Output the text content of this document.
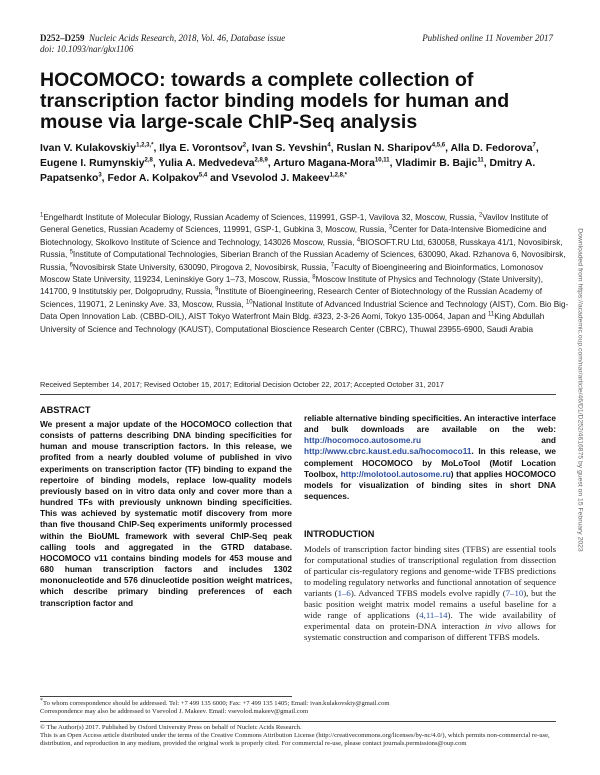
D252–D259 Nucleic Acids Research, 2018, Vol. 46, Database issue
doi: 10.1093/nar/gkx1106
Published online 11 November 2017
HOCOMOCO: towards a complete collection of transcription factor binding models for human and mouse via large-scale ChIP-Seq analysis
Ivan V. Kulakovskiy$^{1,2,3,*}$, Ilya E. Vorontsov$^2$, Ivan S. Yevshin$^4$, Ruslan N. Sharipov$^{4,5,6}$, Alla D. Fedorova$^7$, Eugene I. Rumynskiy$^{2,8}$, Yulia A. Medvedeva$^{2,8,9}$, Arturo Magana-Mora$^{10,11}$, Vladimir B. Bajic$^{11}$, Dmitry A. Papatsenko$^3$, Fedor A. Kolpakov$^{5,4}$ and Vsevolod J. Makeev$^{1,2,8,*}$
$^1$Engelhardt Institute of Molecular Biology, Russian Academy of Sciences, 119991, GSP-1, Vavilova 32, Moscow, Russia, $^2$Vavilov Institute of General Genetics, Russian Academy of Sciences, 119991, GSP-1, Gubkina 3, Moscow, Russia, $^3$Center for Data-Intensive Biomedicine and Biotechnology, Skolkovo Institute of Science and Technology, 143026 Moscow, Russia, $^4$BIOSOFT.RU Ltd, 630058, Russkaya 41/1, Novosibirsk, Russia, $^5$Institute of Computational Technologies, Siberian Branch of the Russian Academy of Sciences, 630090, Akad. Rzhanova 6, Novosibirsk, Russia, $^6$Novosibirsk State University, 630090, Pirogova 2, Novosibirsk, Russia, $^7$Faculty of Bioengineering and Bioinformatics, Lomonosov Moscow State University, 119234, Leninskiye Gory 1–73, Moscow, Russia, $^8$Moscow Institute of Physics and Technology (State University), 141700, 9 Institutskiy per, Dolgoprudny, Russia, $^9$Institute of Bioengineering, Research Center of Biotechnology of the Russian Academy of Sciences, 119071, 2 Leninsky Ave. 33, Moscow, Russia, $^{10}$National Institute of Advanced Industrial Science and Technology (AIST), Com. Bio Big-Data Open Innovation Lab. (CBBD-OIL), AIST Tokyo Waterfront Main Bldg. #323, 2-3-26 Aomi, Tokyo 135-0064, Japan and $^{11}$King Abdullah University of Science and Technology (KAUST), Computational Bioscience Research Center (CBRC), Thuwal 23955-6900, Saudi Arabia
Received September 14, 2017; Revised October 15, 2017; Editorial Decision October 22, 2017; Accepted October 31, 2017
ABSTRACT
We present a major update of the HOCOMOCO collection that consists of patterns describing DNA binding specificities for human and mouse transcription factors. In this release, we profited from a nearly doubled volume of published in vivo experiments on transcription factor (TF) binding to expand the repertoire of binding models, replace low-quality models previously based on in vitro data only and cover more than a hundred TFs with previously unknown binding specificities. This was achieved by systematic motif discovery from more than five thousand ChIP-Seq experiments uniformly processed within the BioUML framework with several ChIP-Seq peak calling tools and aggregated in the GTRD database. HOCOMOCO v11 contains binding models for 453 mouse and 680 human transcription factors and includes 1302 mononucleotide and 576 dinucleotide position weight matrices, which describe primary binding preferences of each transcription factor and
reliable alternative binding specificities. An interactive interface and bulk downloads are available on the web: http://hocomoco.autosome.ru and http://www.cbrc.kaust.edu.sa/hocomoco11. In this release, we complement HOCOMOCO by MoLoTool (Motif Location Toolbox, http://molotool.autosome.ru) that applies HOCOMOCO models for visualization of binding sites in short DNA sequences.
INTRODUCTION
Models of transcription factor binding sites (TFBS) are essential tools for computational studies of transcriptional regulation from dissection of particular cis-regulatory regions and genome-wide TFBS predictions to modeling regulatory networks and functional annotation of sequence variants (1–6). Advanced TFBS models evolve rapidly (7–10), but the basic position weight matrix model remains a useful baseline for a wide range of applications (4,11–14). The wide availability of experimental data on protein-DNA interaction in vivo allows for systematic construction and comparison of different TFBS models.
*To whom correspondence should be addressed. Tel: +7 499 135 6000; Fax: +7 499 135 1405; Email: ivan.kulakovskiy@gmail.com
Correspondence may also be addressed to Vsevolod J. Makeev. Email: vsevolod.makeev@gmail.com
© The Author(s) 2017. Published by Oxford University Press on behalf of Nucleic Acids Research.
This is an Open Access article distributed under the terms of the Creative Commons Attribution License (http://creativecommons.org/licenses/by-nc/4.0/), which permits non-commercial re-use, distribution, and reproduction in any medium, provided the original work is properly cited. For commercial re-use, please contact journals.permissions@oup.com
Downloaded from https://academic.oup.com/nar/article/46/D1/D252/4616875 by guest on 15 February 2023
